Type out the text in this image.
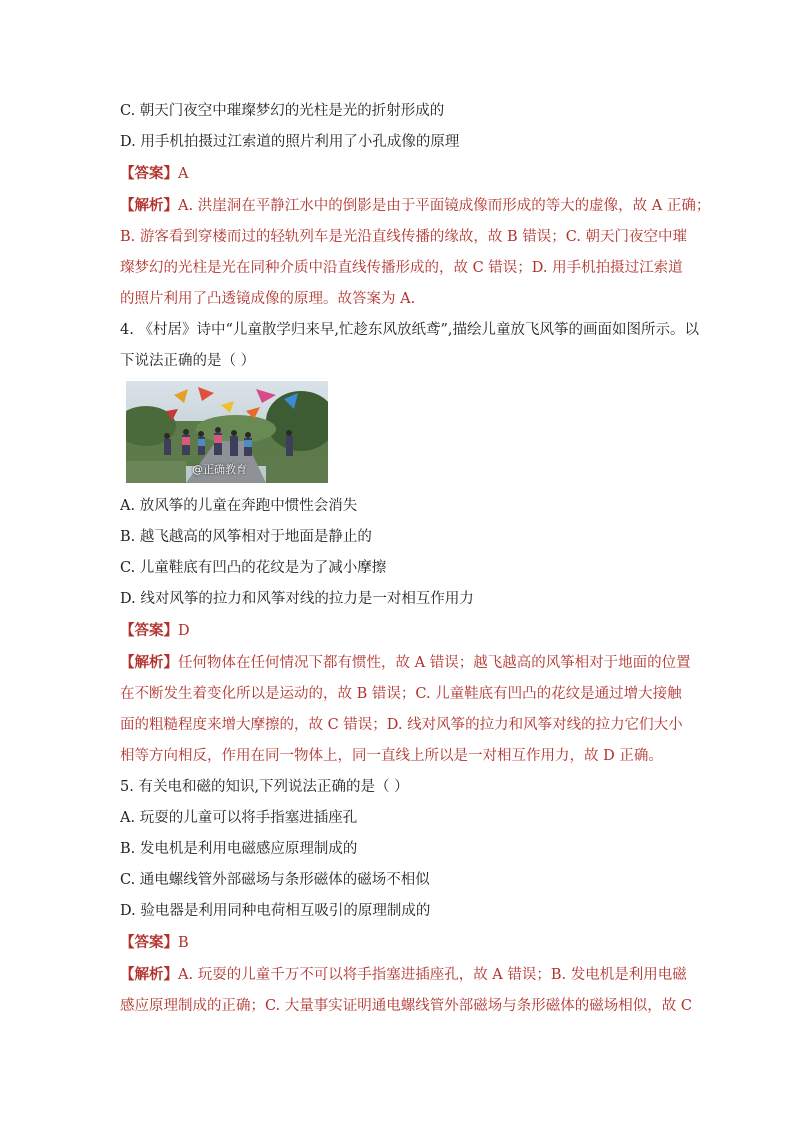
C. 朝天门夜空中璀璨梦幻的光柱是光的折射形成的
D. 用手机拍摄过江索道的照片利用了小孔成像的原理
【答案】A
【解析】A. 洪崖洞在平静江水中的倒影是由于平面镜成像而形成的等大的虚像，故 A 正确；
B. 游客看到穿楼而过的轻轨列车是光沿直线传播的缘故，故 B 错误；C. 朝天门夜空中璀
璨梦幻的光柱是光在同种介质中沿直线传播形成的，故 C 错误；D. 用手机拍摄过江索道
的照片利用了凸透镜成像的原理。故答案为 A.
4. 《村居》诗中“儿童散学归来早,忙趁东风放纸鸢”,描绘儿童放飞风筝的画面如图所示。以
下说法正确的是（ ）
@正确教育
A. 放风筝的儿童在奔跑中惯性会消失
B. 越飞越高的风筝相对于地面是静止的
C. 儿童鞋底有凹凸的花纹是为了减小摩擦
D. 线对风筝的拉力和风筝对线的拉力是一对相互作用力
【答案】D
【解析】任何物体在任何情况下都有惯性，故 A 错误；越飞越高的风筝相对于地面的位置
在不断发生着变化所以是运动的，故 B 错误；C. 儿童鞋底有凹凸的花纹是通过增大接触
面的粗糙程度来增大摩擦的，故 C 错误；D. 线对风筝的拉力和风筝对线的拉力它们大小
相等方向相反，作用在同一物体上，同一直线上所以是一对相互作用力，故 D 正确。
5. 有关电和磁的知识,下列说法正确的是（ ）
A. 玩耍的儿童可以将手指塞进插座孔
B. 发电机是利用电磁感应原理制成的
C. 通电螺线管外部磁场与条形磁体的磁场不相似
D. 验电器是利用同种电荷相互吸引的原理制成的
【答案】B
【解析】A. 玩耍的儿童千万不可以将手指塞进插座孔，故 A 错误；B. 发电机是利用电磁
感应原理制成的正确；C. 大量事实证明通电螺线管外部磁场与条形磁体的磁场相似，故 C
